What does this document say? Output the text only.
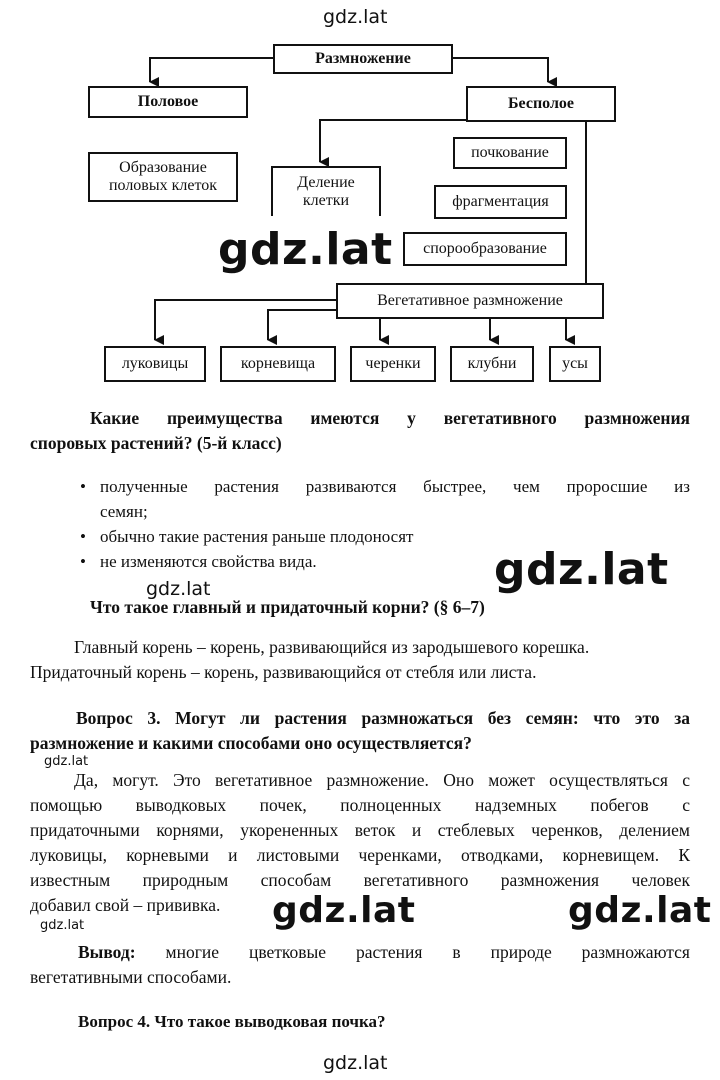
gdz.lat
Размножение
Половое	Бесполое
Образование
половых клеток	Деление
клетки
почкование
фрагментация
спорообразование
Вегетативное размножение
луковицы	корневища	черенки	клубни	усы
gdz.lat
Какие преимущества имеются у вегетативного размножения
споровых растений? (5-й класс)
• полученные растения развиваются быстрее, чем проросшие из
семян;
• обычно такие растения раньше плодоносят
• не изменяются свойства вида.	gdz.lat
gdz.lat
Что такое главный и придаточный корни? (§ 6–7)
Главный корень – корень, развивающийся из зародышевого корешка.
Придаточный корень – корень, развивающийся от стебля или листа.
Вопрос 3. Могут ли растения размножаться без семян: что это за
размножение и какими способами оно осуществляется?
gdz.lat
Да, могут. Это вегетативное размножение. Оно может осуществляться с
помощью выводковых почек, полноценных надземных побегов с
придаточными корнями, укорененных веток и стеблевых черенков, делением
луковицы, корневыми и листовыми черенками, отводками, корневищем. К
известным природным способам вегетативного размножения человек
добавил свой – прививка.	gdz.lat	gdz.lat
gdz.lat
Вывод: многие цветковые растения в природе размножаются
вегетативными способами.
Вопрос 4. Что такое выводковая почка?
gdz.lat
